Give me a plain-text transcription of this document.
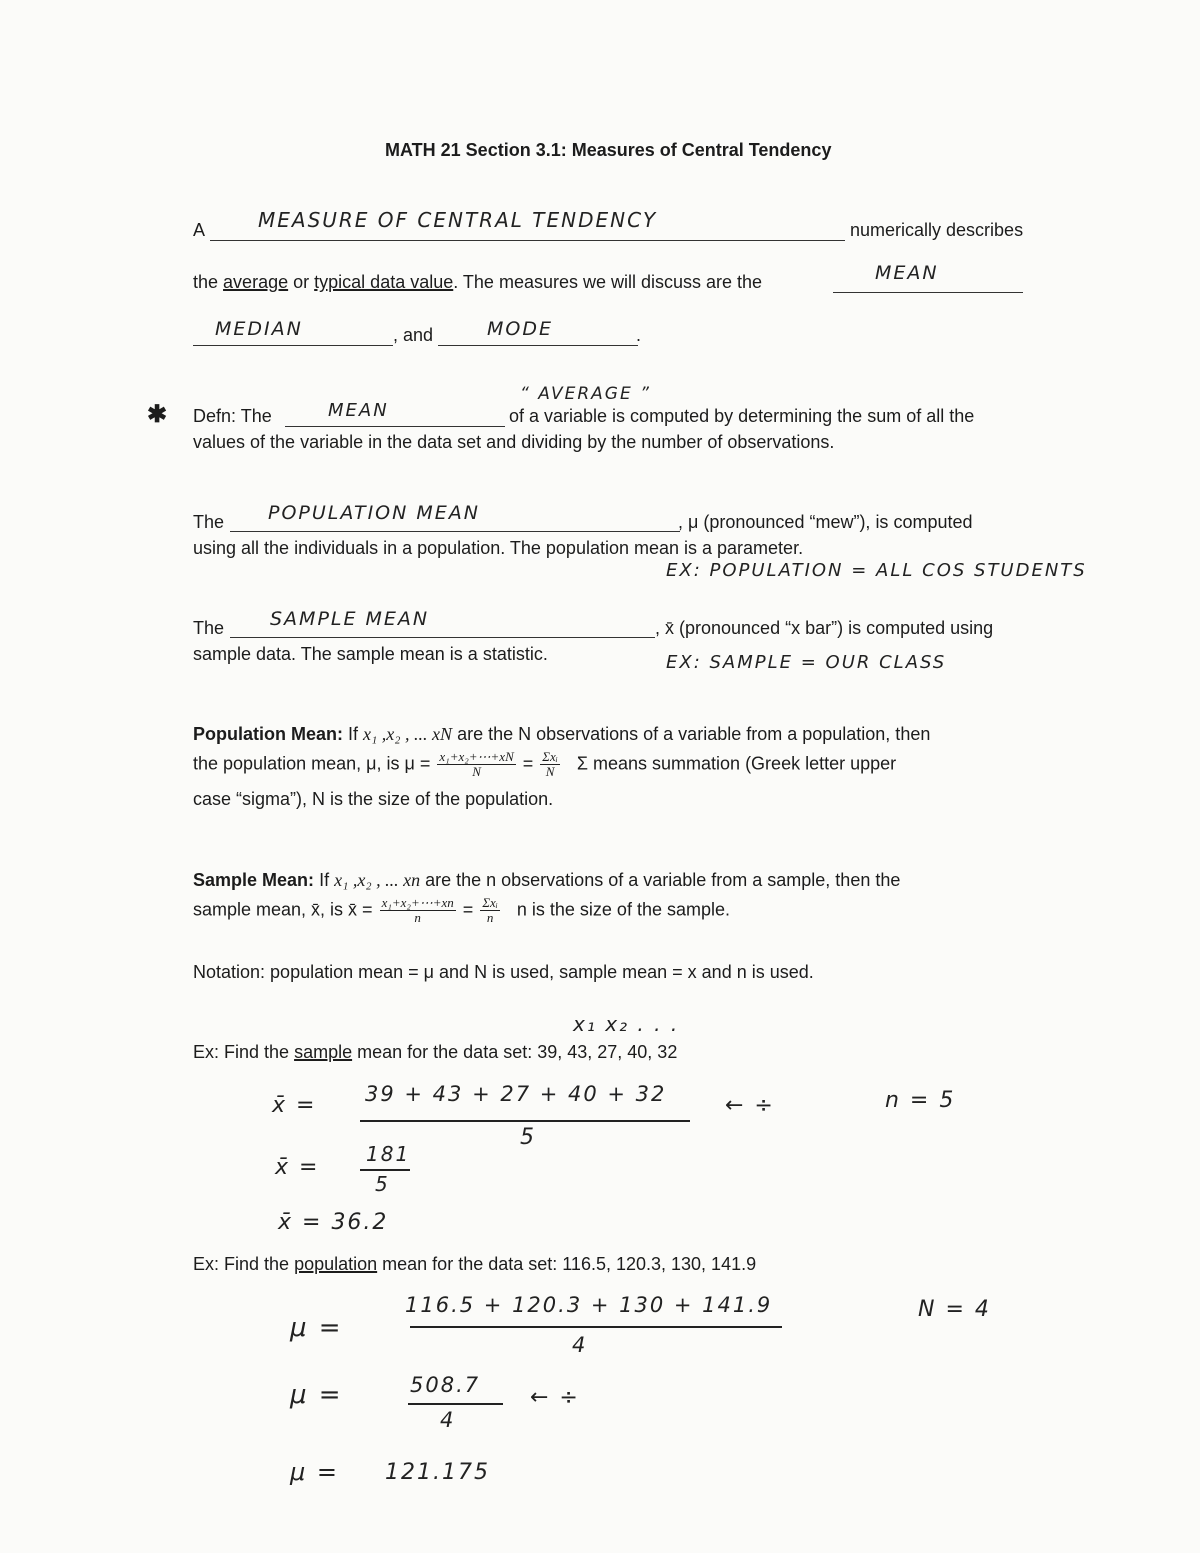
MATH 21 Section 3.1: Measures of Central Tendency
A	MEASURE OF CENTRAL TENDENCY	numerically describes
the average or typical data value. The measures we will discuss are the	MEAN
MEDIAN	, and	MODE	.
“ AVERAGE ”
✱ Defn: The	MEAN	of a variable is computed by determining the sum of all the
values of the variable in the data set and dividing by the number of observations.
The POPULATION MEAN	, μ (pronounced “mew”), is computed
using all the individuals in a population. The population mean is a parameter.
EX: POPULATION = ALL COS STUDENTS
The SAMPLE MEAN	, x̄ (pronounced “x bar”) is computed using
sample data. The sample mean is a statistic.	EX: SAMPLE = OUR CLASS
Population Mean: If x₁ ,x₂ , ... xN are the N observations of a variable from a population, then
the population mean, μ, is $\mu = \frac{\text{x₁+x₂+⋯+xN}}{N} = \frac{\text{Σxᵢ}}{N}$ Σ means summation (Greek letter upper
case “sigma”), N is the size of the population.
Sample Mean: If x₁ ,x₂ , ... xn are the n observations of a variable from a sample, then the
sample mean, x̄, is x̄ = $\frac{\text{x₁+x₂+⋯+xn}}{n} = \frac{\text{Σxᵢ}}{n}$ n is the size of the sample.
Notation: population mean = μ and N is used, sample mean = x and n is used.
x₁ x₂ . . .
Ex: Find the sample mean for the data set: 39, 43, 27, 40, 32
x̄ = 39 + 43 + 27 + 40 + 32
5
← ÷	n = 5
x̄ =
181
5
x̄ = 36.2
Ex: Find the population mean for the data set: 116.5, 120.3, 130, 141.9
μ =
116.5 + 120.3 + 130 + 141.9
4
N = 4
μ =	508.7
4
← ÷
μ = 121.175
